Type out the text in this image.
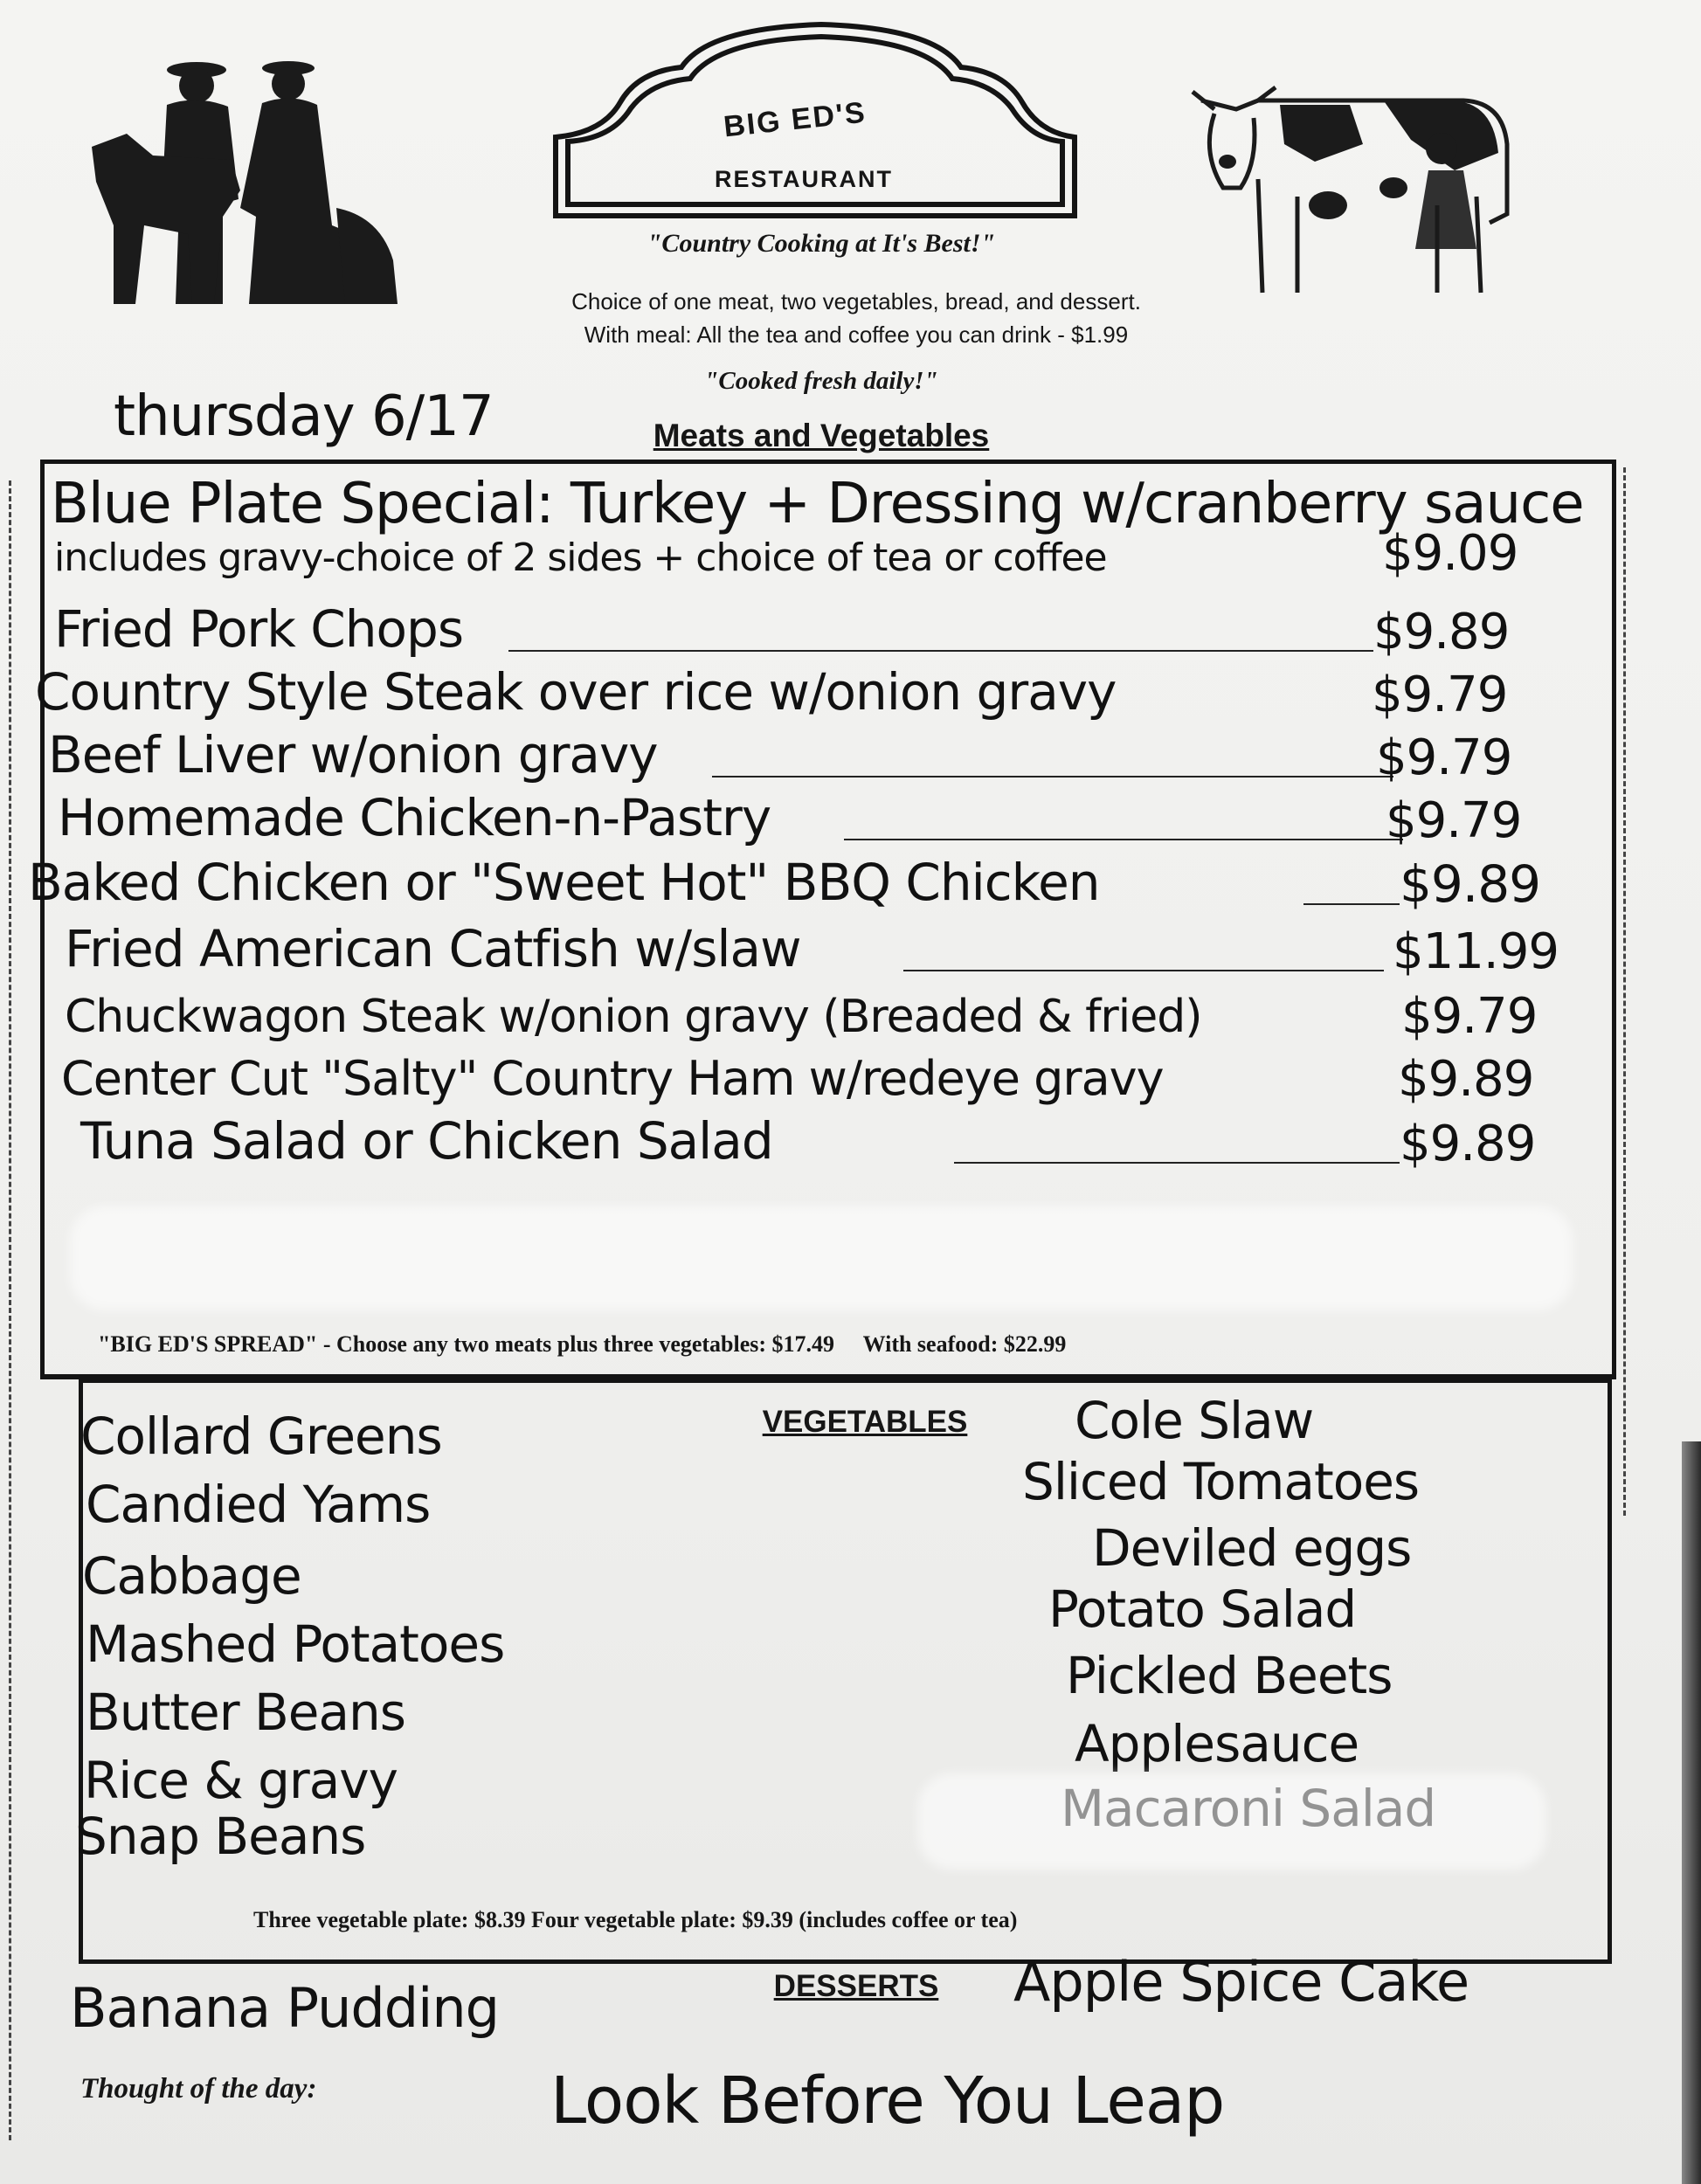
BIG ED'S
RESTAURANT
"Country Cooking at It's Best!"
Choice of one meat, two vegetables, bread, and dessert.
With meal: All the tea and coffee you can drink - $1.99
"Cooked fresh daily!"
thursday 6/17	Meats and Vegetables
Blue Plate Special: Turkey + Dressing w/cranberry sauce
includes gravy-choice of 2 sides + choice of tea or coffee	$9.09
Fried Pork Chops	$9.89
Country Style Steak over rice w/onion gravy	$9.79
Beef Liver w/onion gravy	$9.79
Homemade Chicken-n-Pastry	$9.79
Baked Chicken or "Sweet Hot" BBQ Chicken	$9.89
Fried American Catfish w/slaw	$11.99
Chuckwagon Steak w/onion gravy (Breaded & fried)	$9.79
Center Cut "Salty" Country Ham w/redeye gravy	$9.89
Tuna Salad or Chicken Salad	$9.89
"BIG ED'S SPREAD" - Choose any two meats plus three vegetables: $17.49 With seafood: $22.99
VEGETABLES
Collard Greens
Candied Yams
Cabbage
Mashed Potatoes
Butter Beans
Rice & gravy
Snap Beans
Cole Slaw
Sliced Tomatoes
Deviled eggs
Potato Salad
Pickled Beets
Applesauce
Three vegetable plate: $8.39 Four vegetable plate: $9.39 (includes coffee or tea)
DESSERTS
Banana Pudding	Apple Spice Cake
Thought of the day:	Look Before You Leap
